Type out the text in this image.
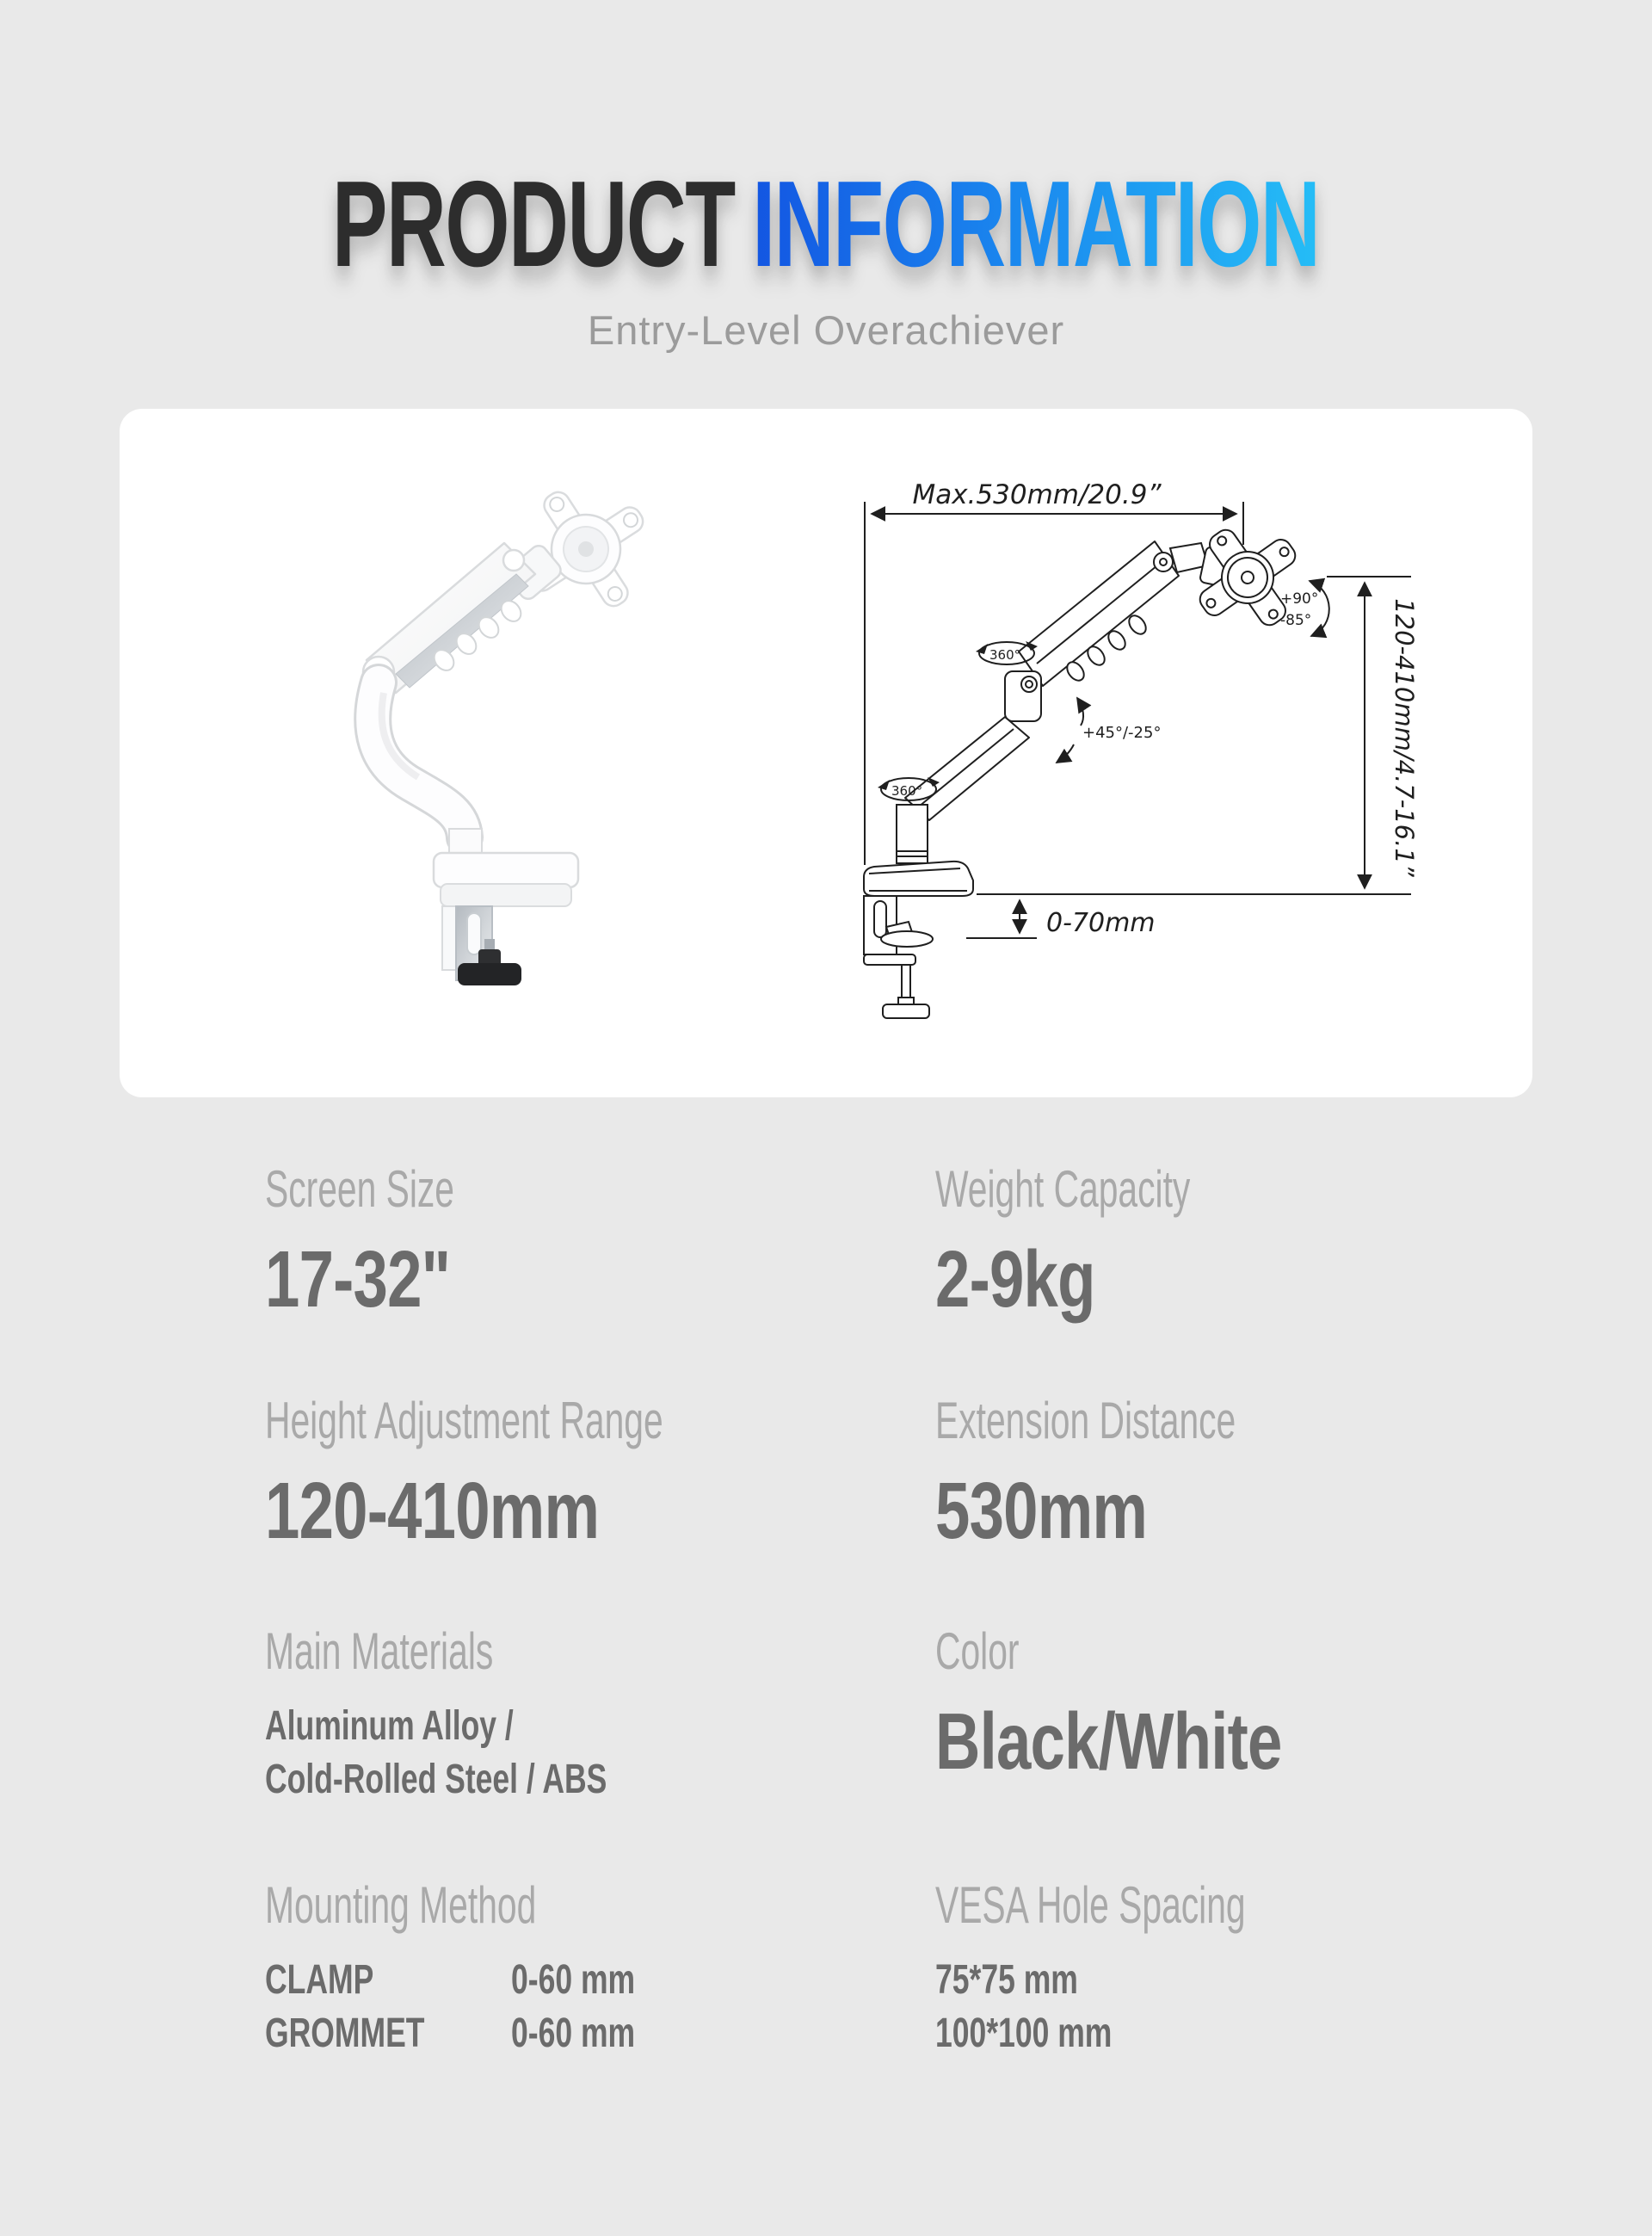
PRODUCT INFORMATION
Entry-Level Overachiever
Max.530mm/20.9”
120-410mm/4.7-16.1”
0-70mm
360°
360°
+45°/-25°
+90°
-85°
Screen Size
17-32"
Weight Capacity
2-9kg
Height Adjustment Range
120-410mm
Extension Distance
530mm
Main Materials
Aluminum Alloy /
Cold-Rolled Steel / ABS
Color
Black/White
Mounting Method
CLAMP	0-60 mm
GROMMET	0-60 mm
VESA Hole Spacing
75*75 mm
100*100 mm
